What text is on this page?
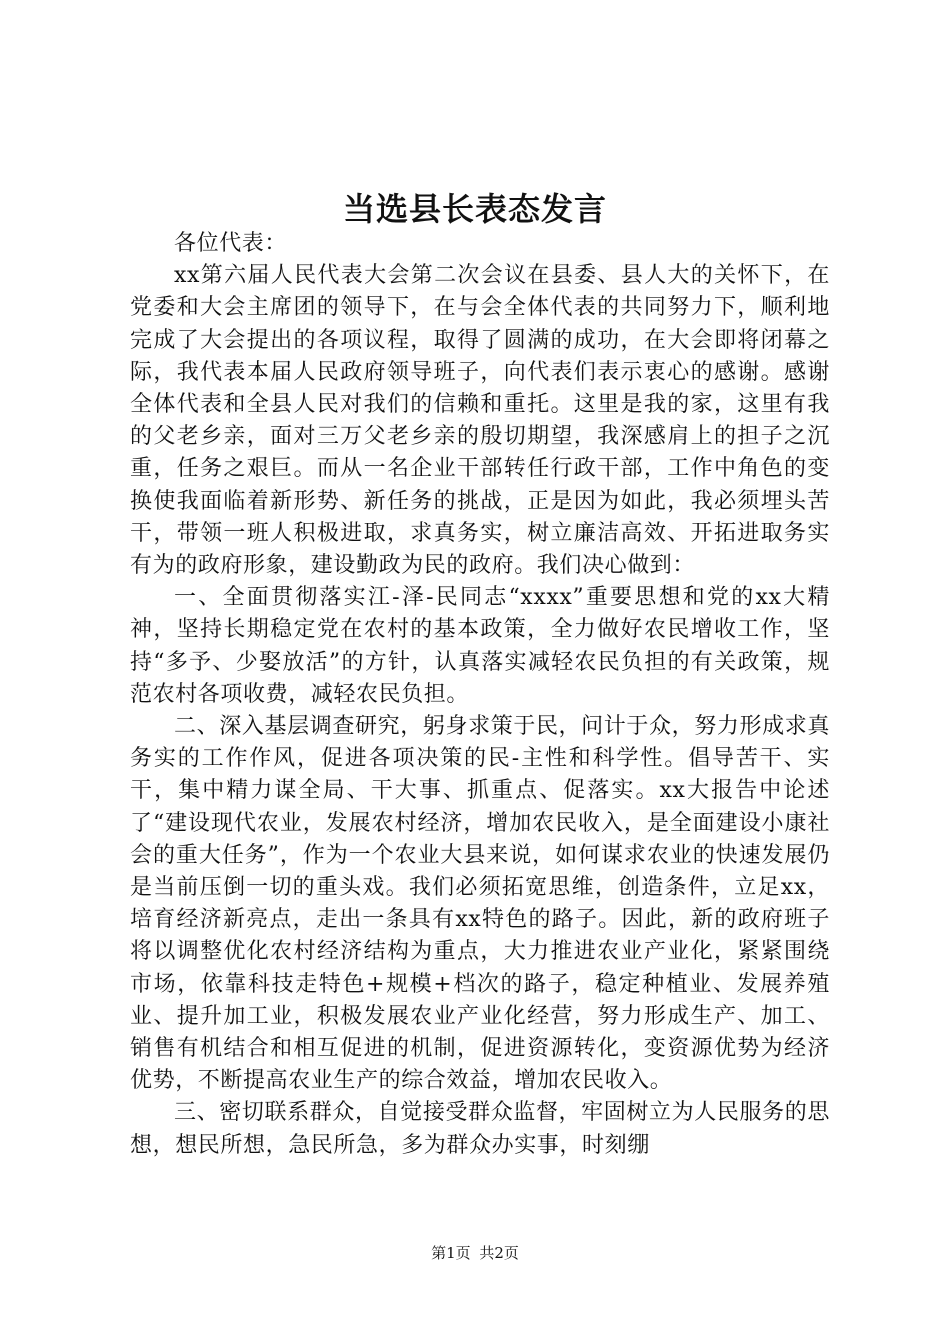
当选县长表态发言

各位代表：

xx第六届人民代表大会第二次会议在县委、县人大的关怀下，在党委和大会主席团的领导下，在与会全体代表的共同努力下，顺利地完成了大会提出的各项议程，取得了圆满的成功，在大会即将闭幕之际，我代表本届人民政府领导班子，向代表们表示衷心的感谢。感谢全体代表和全县人民对我们的信赖和重托。这里是我的家，这里有我的父老乡亲，面对三万父老乡亲的殷切期望，我深感肩上的担子之沉重，任务之艰巨。而从一名企业干部转任行政干部，工作中角色的变换使我面临着新形势、新任务的挑战，正是因为如此，我必须埋头苦干，带领一班人积极进取，求真务实，树立廉洁高效、开拓进取务实有为的政府形象，建设勤政为民的政府。我们决心做到：

一、全面贯彻落实江-泽-民同志“xxxx”重要思想和党的xx大精神，坚持长期稳定党在农村的基本政策，全力做好农民增收工作，坚持“多予、少娶放活”的方针，认真落实减轻农民负担的有关政策，规范农村各项收费，减轻农民负担。

二、深入基层调查研究，躬身求策于民，问计于众，努力形成求真务实的工作作风，促进各项决策的民-主性和科学性。倡导苦干、实干，集中精力谋全局、干大事、抓重点、促落实。xx大报告中论述了“建设现代农业，发展农村经济，增加农民收入，是全面建设小康社会的重大任务”，作为一个农业大县来说，如何谋求农业的快速发展仍是当前压倒一切的重头戏。我们必须拓宽思维，创造条件，立足xx，培育经济新亮点，走出一条具有xx特色的路子。因此，新的政府班子将以调整优化农村经济结构为重点，大力推进农业产业化，紧紧围绕市场，依靠科技走特色+规模+档次的路子，稳定种植业、发展养殖业、提升加工业，积极发展农业产业化经营，努力形成生产、加工、销售有机结合和相互促进的机制，促进资源转化，变资源优势为经济优势，不断提高农业生产的综合效益，增加农民收入。

三、密切联系群众，自觉接受群众监督，牢固树立为人民服务的思想，想民所想，急民所急，多为群众办实事，时刻绷

第1页 共2页
